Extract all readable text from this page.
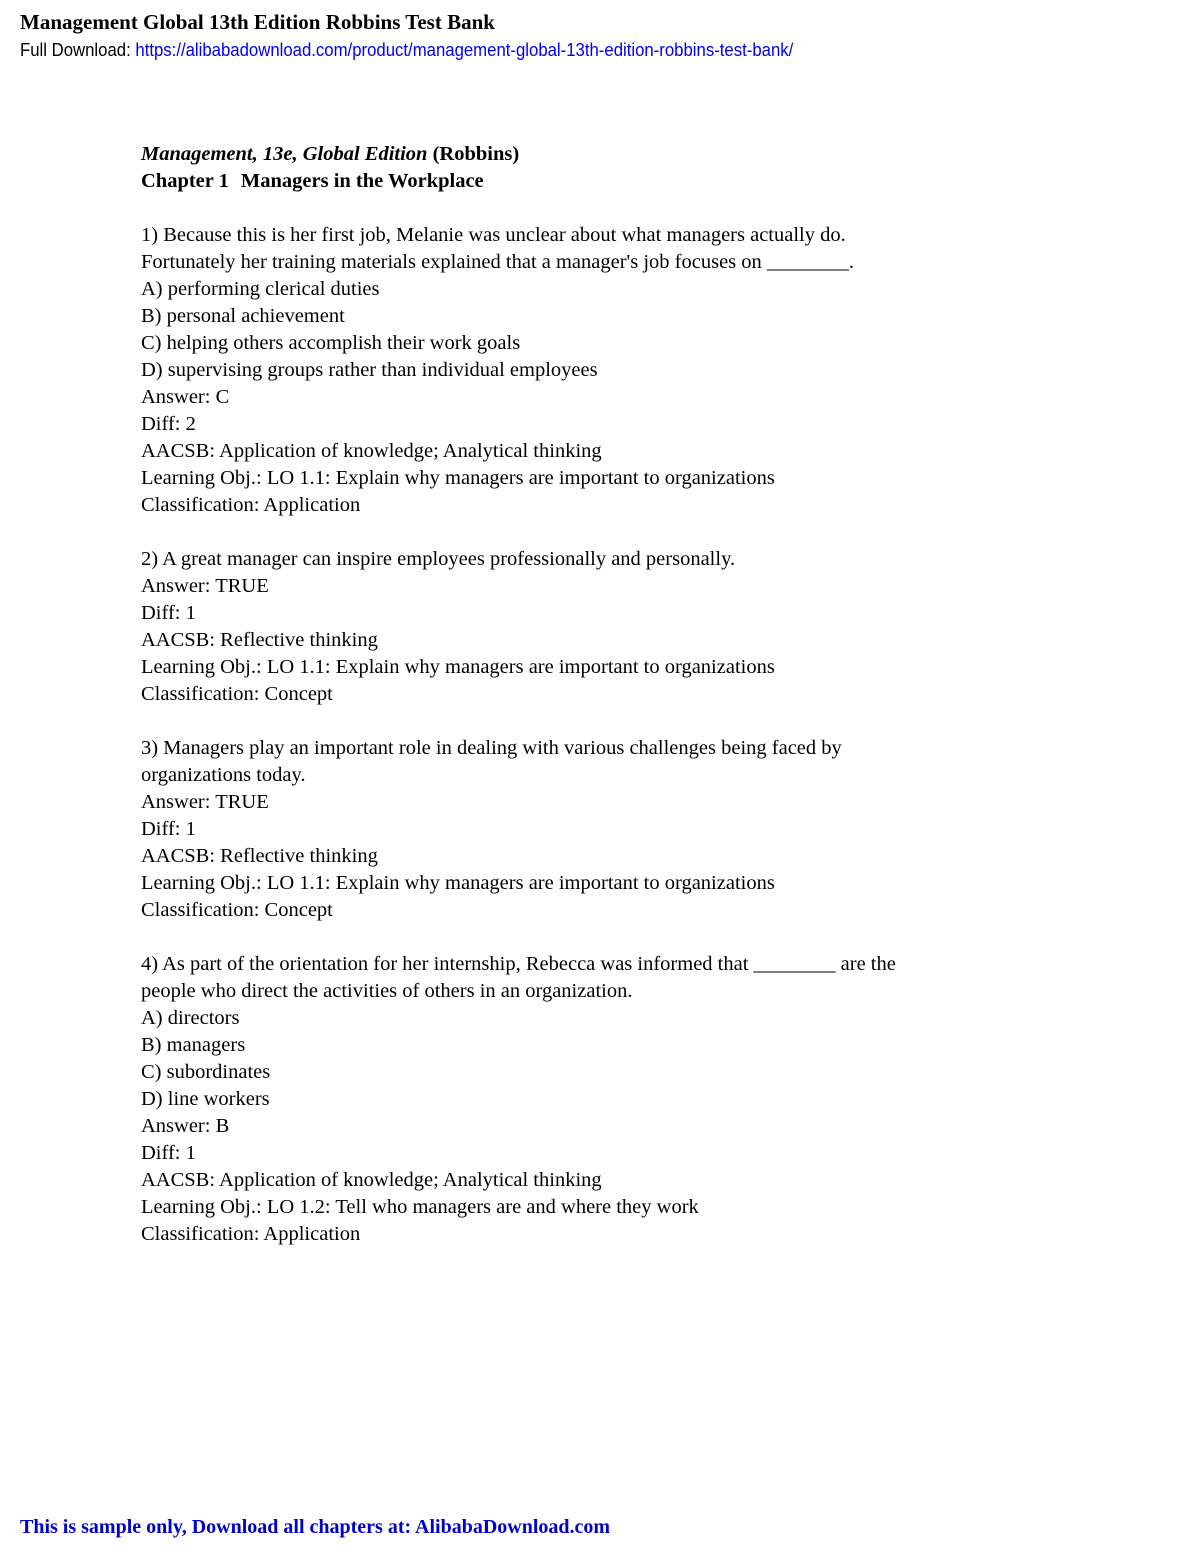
Management Global 13th Edition Robbins Test Bank
Full Download: https://alibabadownload.com/product/management-global-13th-edition-robbins-test-bank/
Management, 13e, Global Edition (Robbins)
Chapter 1 Managers in the Workplace
1) Because this is her first job, Melanie was unclear about what managers actually do.
Fortunately her training materials explained that a manager's job focuses on ________.
A) performing clerical duties
B) personal achievement
C) helping others accomplish their work goals
D) supervising groups rather than individual employees
Answer: C
Diff: 2
AACSB: Application of knowledge; Analytical thinking
Learning Obj.: LO 1.1: Explain why managers are important to organizations
Classification: Application
2) A great manager can inspire employees professionally and personally.
Answer: TRUE
Diff: 1
AACSB: Reflective thinking
Learning Obj.: LO 1.1: Explain why managers are important to organizations
Classification: Concept
3) Managers play an important role in dealing with various challenges being faced by
organizations today.
Answer: TRUE
Diff: 1
AACSB: Reflective thinking
Learning Obj.: LO 1.1: Explain why managers are important to organizations
Classification: Concept
4) As part of the orientation for her internship, Rebecca was informed that ________ are the
people who direct the activities of others in an organization.
A) directors
B) managers
C) subordinates
D) line workers
Answer: B
Diff: 1
AACSB: Application of knowledge; Analytical thinking
Learning Obj.: LO 1.2: Tell who managers are and where they work
Classification: Application
This is sample only, Download all chapters at: AlibabaDownload.com
